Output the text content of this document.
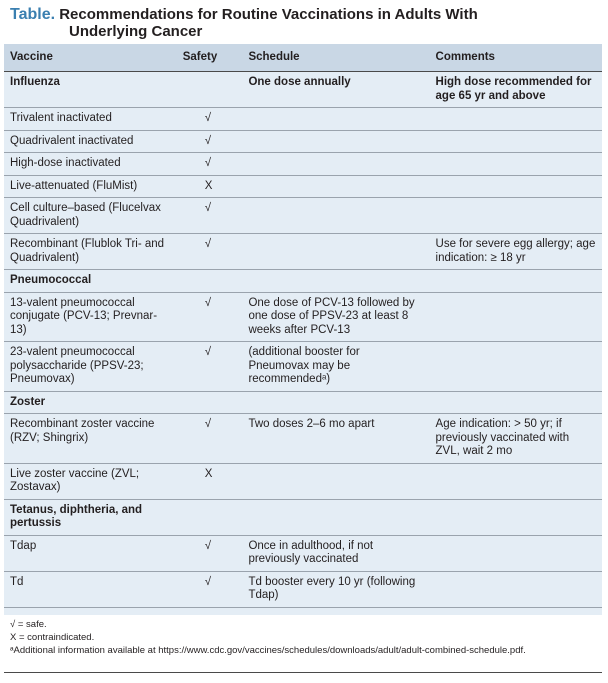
Table. Recommendations for Routine Vaccinations in Adults With
Underlying Cancer
Vaccine	Safety	Schedule	Comments
Influenza		One dose annually	High dose recommended for age 65 yr and above
Trivalent inactivated	√		
Quadrivalent inactivated	√		
High-dose inactivated	√		
Live-attenuated (FluMist)	X		
Cell culture–based (Flucelvax Quadrivalent)	√		
Recombinant (Flublok Tri- and Quadrivalent)	√		Use for severe egg allergy; age indication: ≥ 18 yr
Pneumococcal			
13-valent pneumococcal conjugate (PCV-13; Prevnar-13)	√	One dose of PCV-13 followed by one dose of PPSV-23 at least 8 weeks after PCV-13	
23-valent pneumococcal polysaccharide (PPSV-23; Pneumovax)	√	(additional booster for Pneumovax may be recommendedᵃ)	
Zoster			
Recombinant zoster vaccine (RZV; Shingrix)	√	Two doses 2–6 mo apart	Age indication: > 50 yr; if previously vaccinated with ZVL, wait 2 mo
Live zoster vaccine (ZVL; Zostavax)	X		
Tetanus, diphtheria, and pertussis			
Tdap	√	Once in adulthood, if not previously vaccinated	
Td	√	Td booster every 10 yr (following Tdap)	
√ = safe.
X = contraindicated.
ᵃAdditional information available at https://www.cdc.gov/vaccines/schedules/downloads/adult/adult-combined-schedule.pdf.
